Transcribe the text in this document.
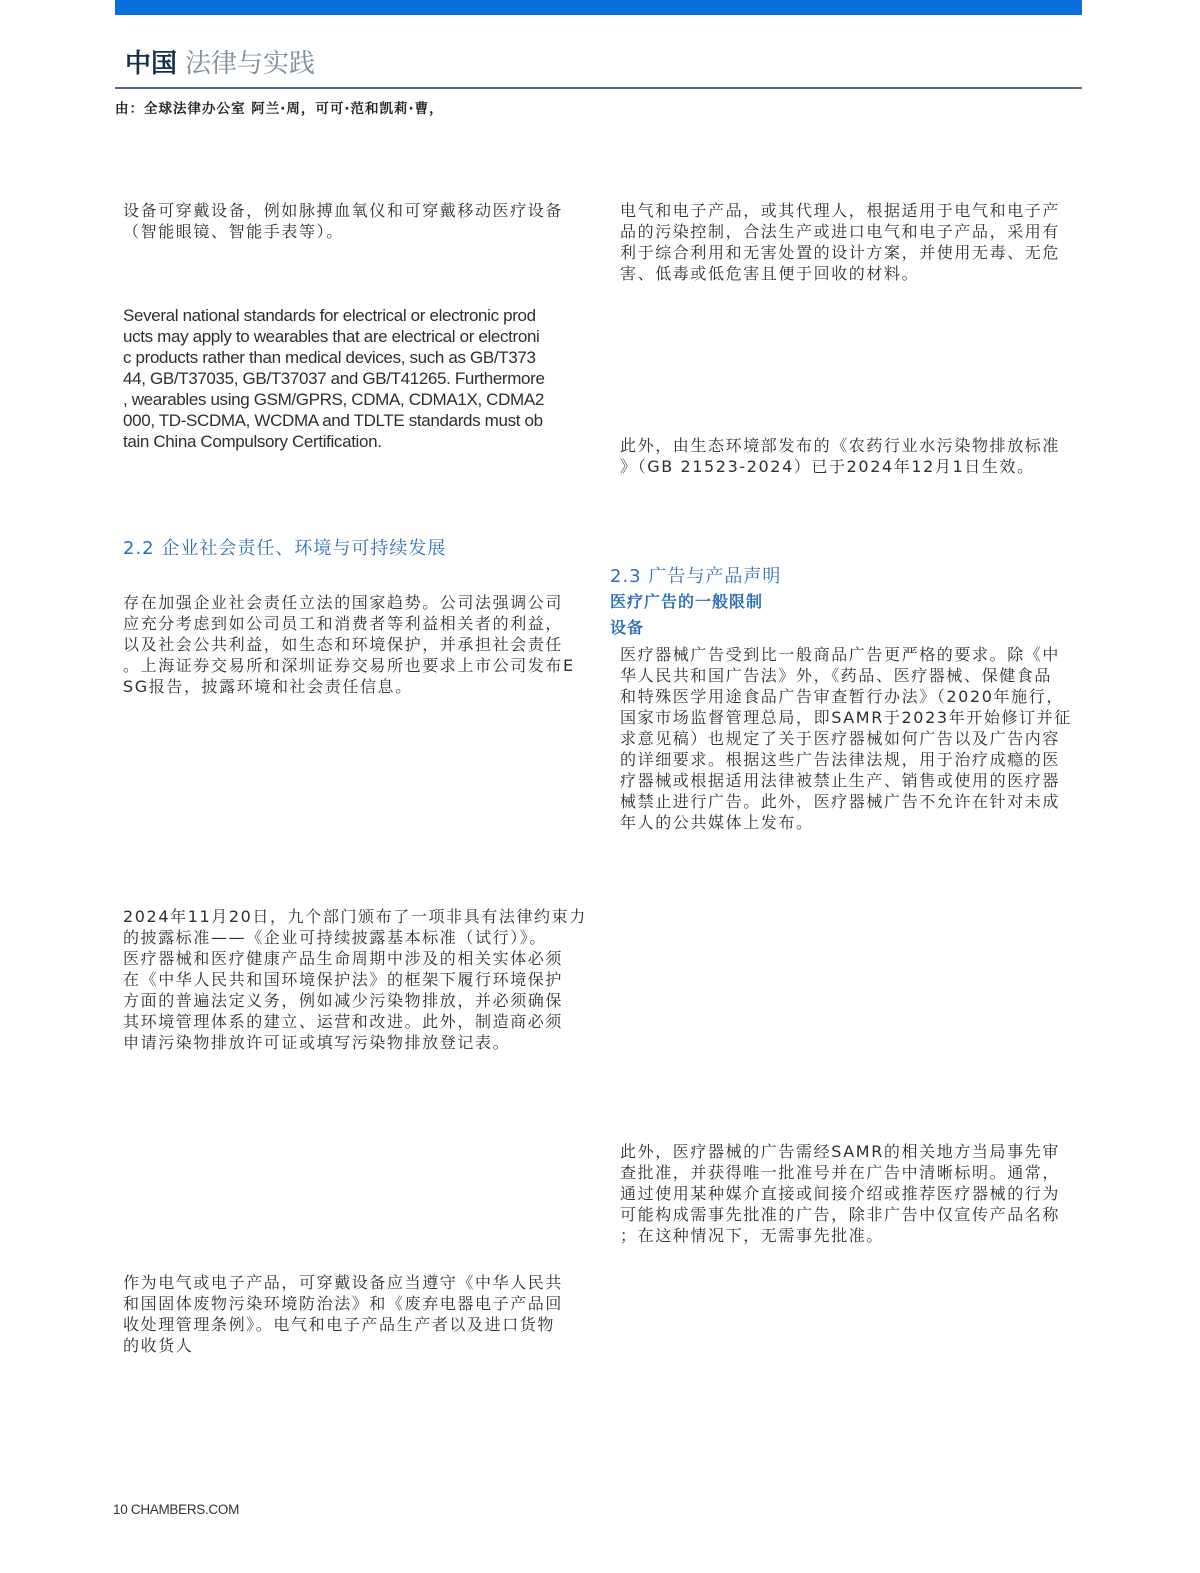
中国 法律与实践
由：全球法律办公室 阿兰·周，可可·范和凯莉·曹，
设备可穿戴设备，例如脉搏血氧仪和可穿戴移动医疗设备
（智能眼镜、智能手表等）。
Several national standards for electrical or electronic prod
ucts may apply to wearables that are electrical or electroni
c products rather than medical devices, such as GB/T373
44, GB/T37035, GB/T37037 and GB/T41265. Furthermore
, wearables using GSM/GPRS, CDMA, CDMA1X, CDMA2
000, TD-SCDMA, WCDMA and TDLTE standards must ob
tain China Compulsory Certification.
2.2 企业社会责任、环境与可持续发展
存在加强企业社会责任立法的国家趋势。公司法强调公司
应充分考虑到如公司员工和消费者等利益相关者的利益，
以及社会公共利益，如生态和环境保护，并承担社会责任
。上海证券交易所和深圳证券交易所也要求上市公司发布E
SG报告，披露环境和社会责任信息。
2024年11月20日，九个部门颁布了一项非具有法律约束力
的披露标准——《企业可持续披露基本标准（试行）》。
医疗器械和医疗健康产品生命周期中涉及的相关实体必须
在《中华人民共和国环境保护法》的框架下履行环境保护
方面的普遍法定义务，例如减少污染物排放，并必须确保
其环境管理体系的建立、运营和改进。此外，制造商必须
申请污染物排放许可证或填写污染物排放登记表。
作为电气或电子产品，可穿戴设备应当遵守《中华人民共
和国固体废物污染环境防治法》和《废弃电器电子产品回
收处理管理条例》。电气和电子产品生产者以及进口货物
的收货人
电气和电子产品，或其代理人，根据适用于电气和电子产
品的污染控制，合法生产或进口电气和电子产品，采用有
利于综合利用和无害处置的设计方案，并使用无毒、无危
害、低毒或低危害且便于回收的材料。
此外，由生态环境部发布的《农药行业水污染物排放标准
》（GB 21523-2024）已于2024年12月1日生效。
2.3 广告与产品声明
医疗广告的一般限制
设备
医疗器械广告受到比一般商品广告更严格的要求。除《中
华人民共和国广告法》外，《药品、医疗器械、保健食品
和特殊医学用途食品广告审查暂行办法》（2020年施行，
国家市场监督管理总局，即SAMR于2023年开始修订并征
求意见稿）也规定了关于医疗器械如何广告以及广告内容
的详细要求。根据这些广告法律法规，用于治疗成瘾的医
疗器械或根据适用法律被禁止生产、销售或使用的医疗器
械禁止进行广告。此外，医疗器械广告不允许在针对未成
年人的公共媒体上发布。
此外，医疗器械的广告需经SAMR的相关地方当局事先审
查批准，并获得唯一批准号并在广告中清晰标明。通常，
通过使用某种媒介直接或间接介绍或推荐医疗器械的行为
可能构成需事先批准的广告，除非广告中仅宣传产品名称
；在这种情况下，无需事先批准。
10 CHAMBERS.COM
